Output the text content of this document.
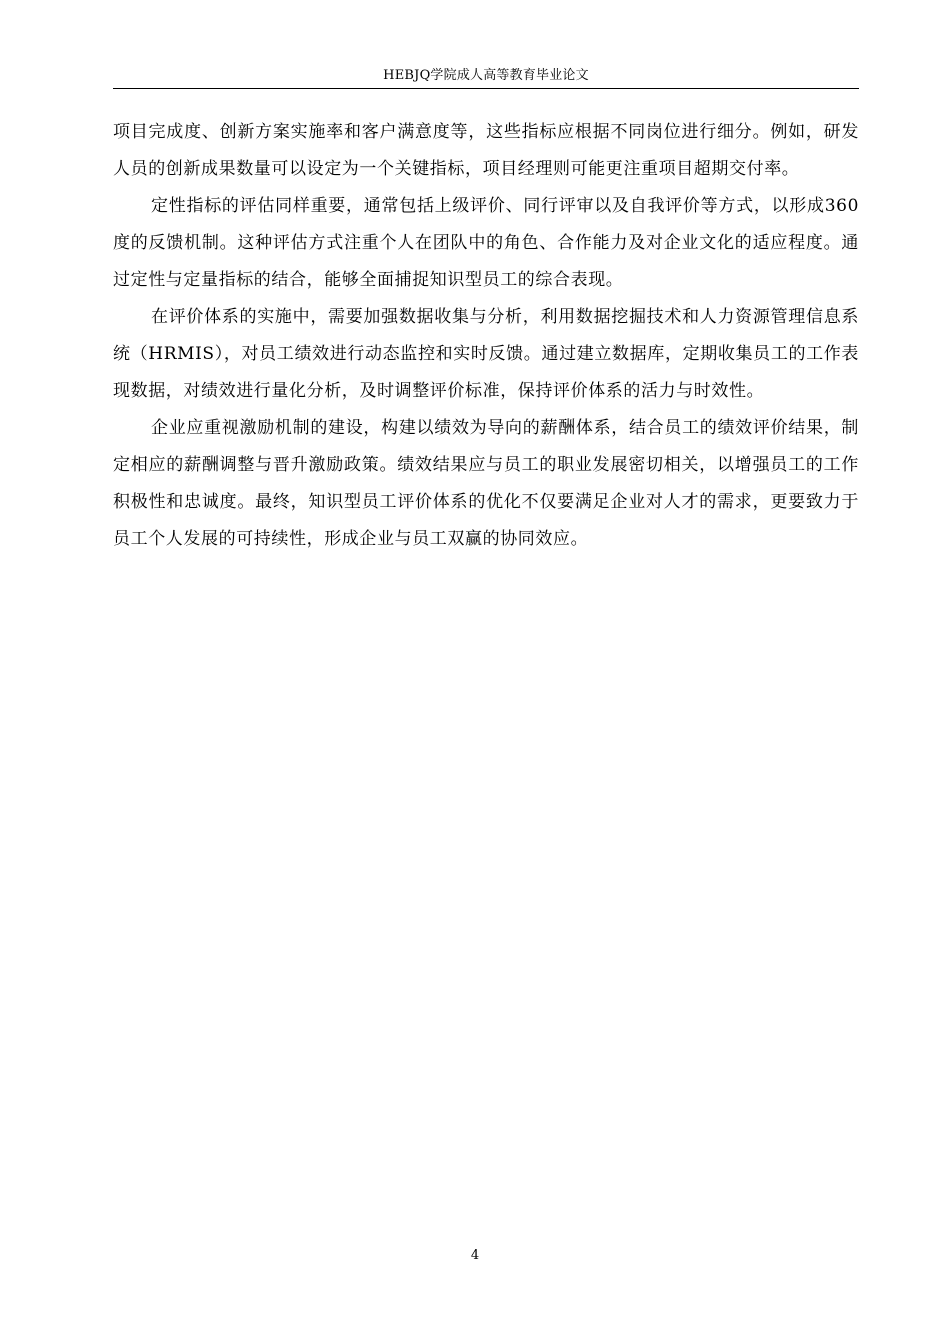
HEBJQ学院成人高等教育毕业论文

项目完成度、创新方案实施率和客户满意度等，这些指标应根据不同岗位进行细分。例如，研发人员的创新成果数量可以设定为一个关键指标，项目经理则可能更注重项目超期交付率。

定性指标的评估同样重要，通常包括上级评价、同行评审以及自我评价等方式，以形成360度的反馈机制。这种评估方式注重个人在团队中的角色、合作能力及对企业文化的适应程度。通过定性与定量指标的结合，能够全面捕捉知识型员工的综合表现。

在评价体系的实施中，需要加强数据收集与分析，利用数据挖掘技术和人力资源管理信息系统（HRMIS），对员工绩效进行动态监控和实时反馈。通过建立数据库，定期收集员工的工作表现数据，对绩效进行量化分析，及时调整评价标准，保持评价体系的活力与时效性。

企业应重视激励机制的建设，构建以绩效为导向的薪酬体系，结合员工的绩效评价结果，制定相应的薪酬调整与晋升激励政策。绩效结果应与员工的职业发展密切相关，以增强员工的工作积极性和忠诚度。最终，知识型员工评价体系的优化不仅要满足企业对人才的需求，更要致力于员工个人发展的可持续性，形成企业与员工双赢的协同效应。

4
